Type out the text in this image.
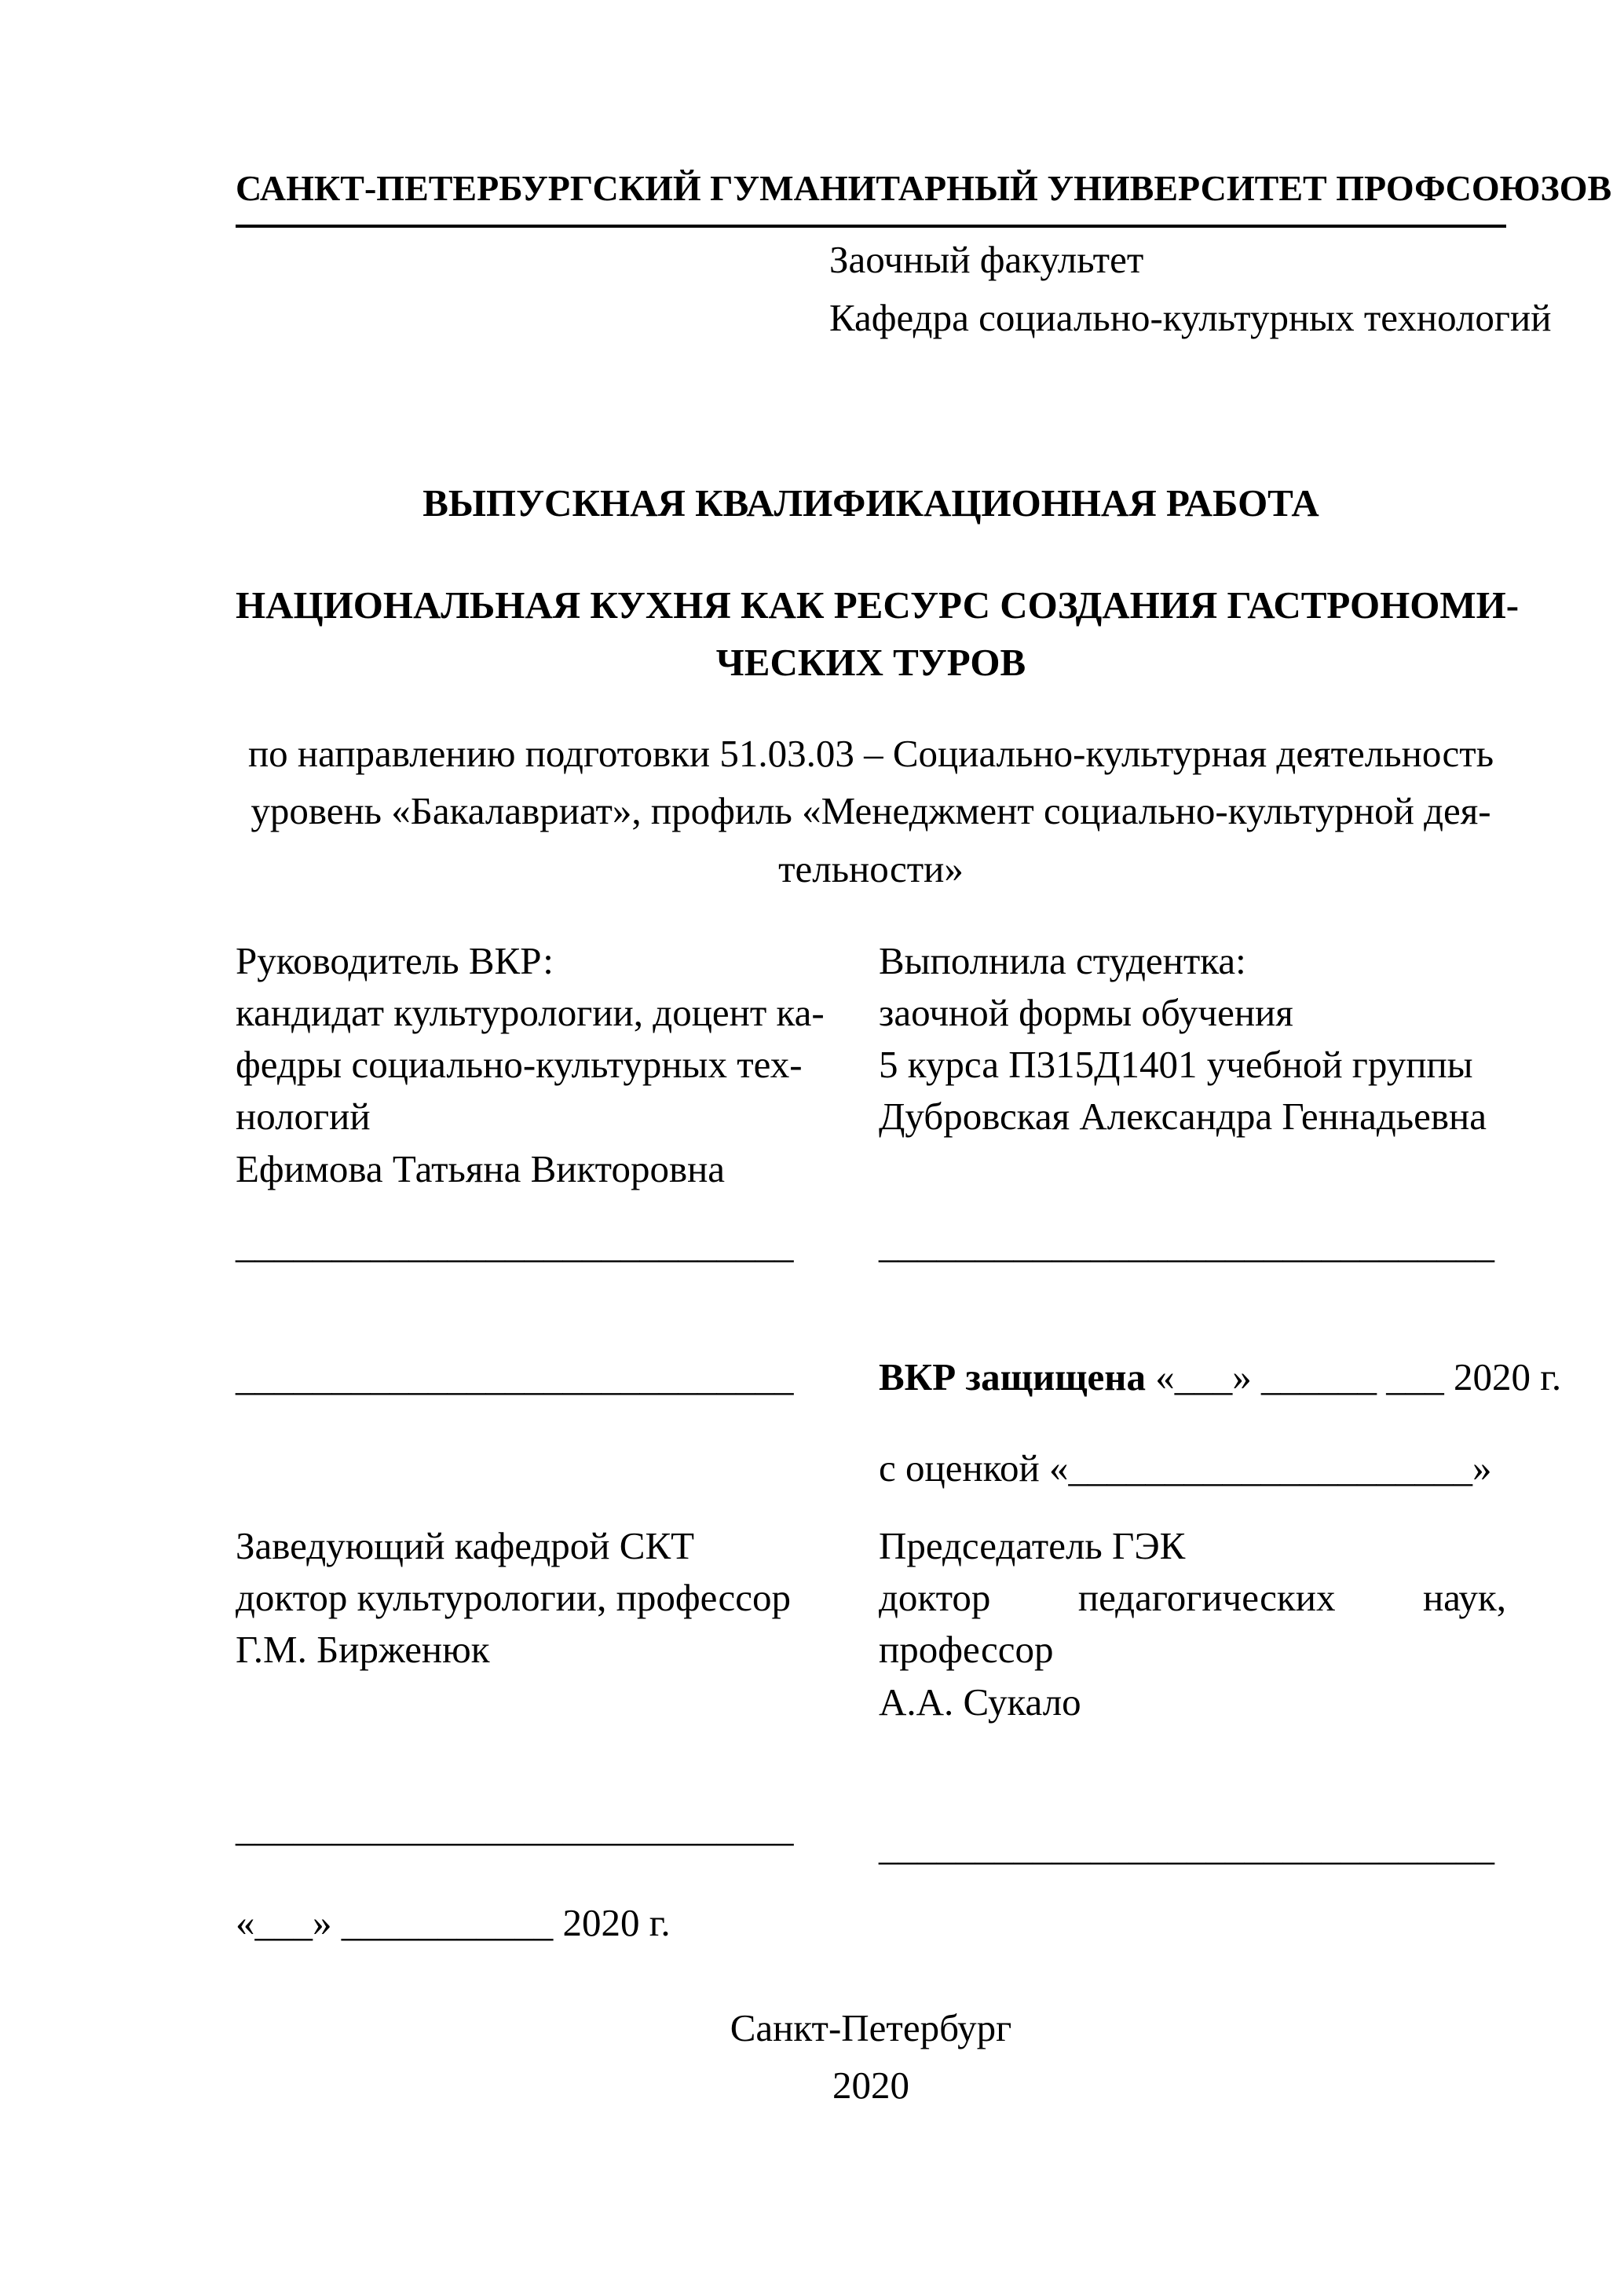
САНКТ-ПЕТЕРБУРГСКИЙ ГУМАНИТАРНЫЙ УНИВЕРСИТЕТ ПРОФСОЮЗОВ
Заочный факультет
Кафедра социально-культурных технологий
ВЫПУСКНАЯ КВАЛИФИКАЦИОННАЯ РАБОТА
НАЦИОНАЛЬНАЯ КУХНЯ КАК РЕСУРС СОЗДАНИЯ ГАСТРОНОМИ-
ЧЕСКИХ ТУРОВ
по направлению подготовки 51.03.03 – Социально-культурная деятельность
уровень «Бакалавриат», профиль «Менеджмент социально-культурной дея-
тельности»
Руководитель ВКР:
кандидат культурологии, доцент ка-
федры социально-культурных тех-
нологий
Ефимова Татьяна Викторовна
Выполнила студентка:
заочной формы обучения
5 курса П315Д1401 учебной группы
Дубровская Александра Геннадьевна
_____________________________	________________________________
_____________________________	ВКР защищена «___» ______ ___ 2020 г.
с оценкой «_____________________»
Заведующий кафедрой СКТ
доктор культурологии, профессор
Г.М. Бирженюк
Председатель ГЭК
доктор педагогических наук,
профессор
А.А. Сукало
_____________________________	________________________________
«___» ___________ 2020 г.
Санкт-Петербург
2020
